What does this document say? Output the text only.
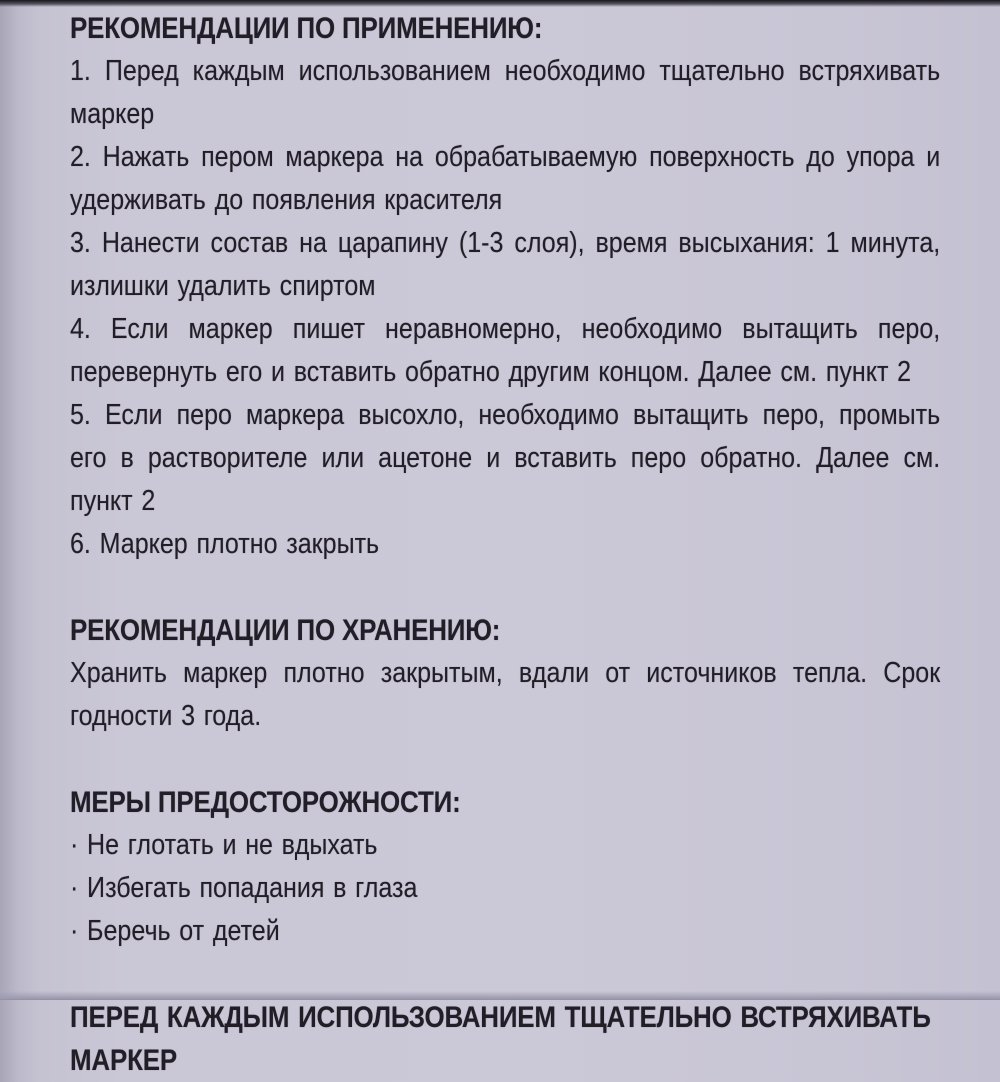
РЕКОМЕНДАЦИИ ПО ПРИМЕНЕНИЮ:

1. Перед каждым использованием необходимо тщательно встряхивать маркер

2. Нажать пером маркера на обрабатываемую поверхность до упора и удерживать до появления красителя

3. Нанести состав на царапину (1-3 слоя), время высыхания: 1 минута, излишки удалить спиртом

4. Если маркер пишет неравномерно, необходимо вытащить перо, перевернуть его и вставить обратно другим концом. Далее см. пункт 2

5. Если перо маркера высохло, необходимо вытащить перо, промыть его в растворителе или ацетоне и вставить перо обратно. Далее см. пункт 2

6. Маркер плотно закрыть

РЕКОМЕНДАЦИИ ПО ХРАНЕНИЮ:

Хранить маркер плотно закрытым, вдали от источников тепла. Срок годности 3 года.

МЕРЫ ПРЕДОСТОРОЖНОСТИ:

· Не глотать и не вдыхать

· Избегать попадания в глаза

· Беречь от детей

ПЕРЕД КАЖДЫМ ИСПОЛЬЗОВАНИЕМ ТЩАТЕЛЬНО ВСТРЯХИВАТЬ МАРКЕР
